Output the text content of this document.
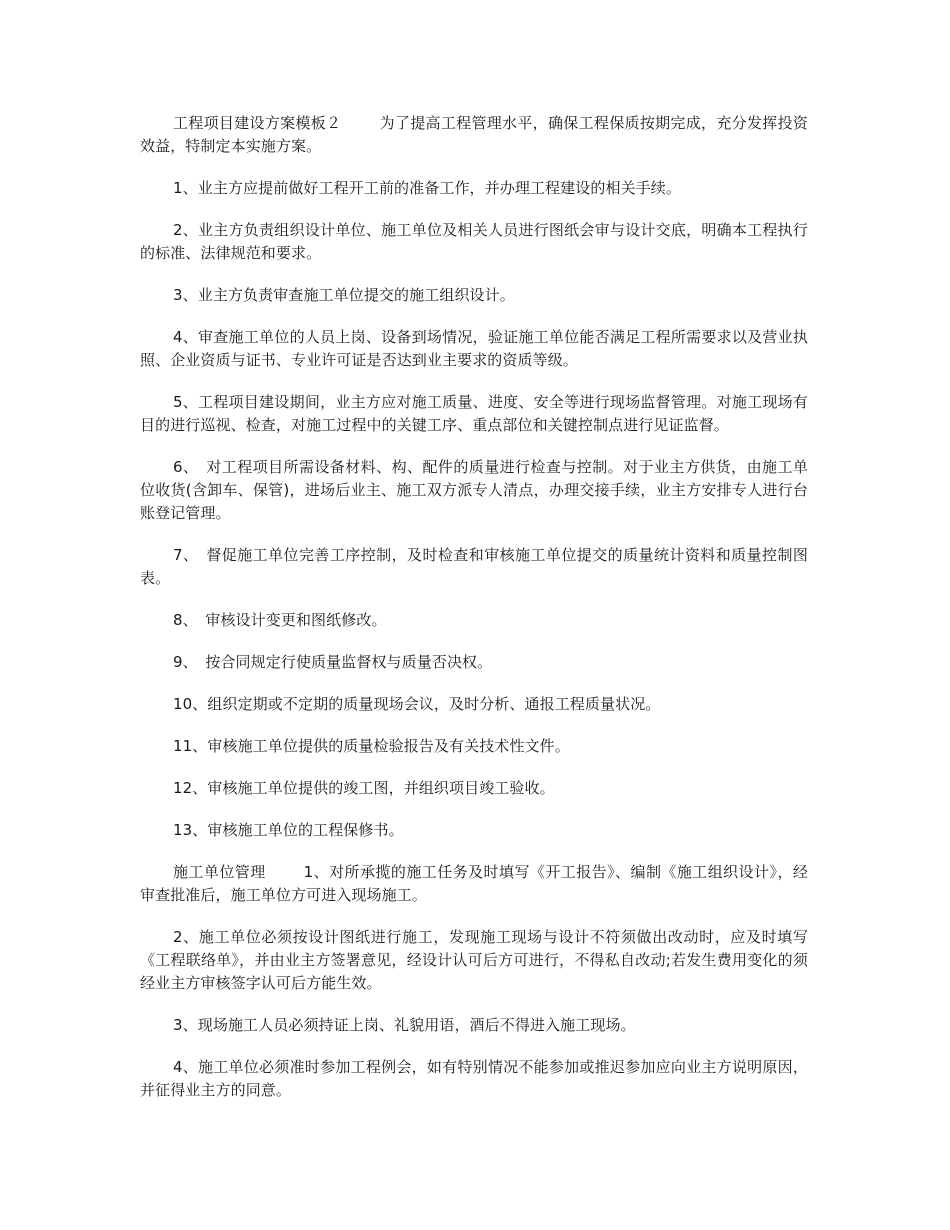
工程项目建设方案模板２	为了提高工程管理水平，确保工程保质按期完成，充分发挥投资效益，特制定本实施方案。

1、业主方应提前做好工程开工前的准备工作，并办理工程建设的相关手续。

2、业主方负责组织设计单位、施工单位及相关人员进行图纸会审与设计交底，明确本工程执行的标准、法律规范和要求。

3、业主方负责审查施工单位提交的施工组织设计。

4、审查施工单位的人员上岗、设备到场情况，验证施工单位能否满足工程所需要求以及营业执照、企业资质与证书、专业许可证是否达到业主要求的资质等级。

5、工程项目建设期间，业主方应对施工质量、进度、安全等进行现场监督管理。对施工现场有目的进行巡视、检查，对施工过程中的关键工序、重点部位和关键控制点进行见证监督。

6、　对工程项目所需设备材料、构、配件的质量进行检查与控制。对于业主方供货，由施工单位收货(含卸车、保管)，进场后业主、施工双方派专人清点，办理交接手续，业主方安排专人进行台账登记管理。

7、　督促施工单位完善工序控制，及时检查和审核施工单位提交的质量统计资料和质量控制图表。

8、　审核设计变更和图纸修改。

9、　按合同规定行使质量监督权与质量否决权。

10、组织定期或不定期的质量现场会议，及时分析、通报工程质量状况。

11、审核施工单位提供的质量检验报告及有关技术性文件。

12、审核施工单位提供的竣工图，并组织项目竣工验收。

13、审核施工单位的工程保修书。

施工单位管理	1、对所承揽的施工任务及时填写《开工报告》、编制《施工组织设计》，经审查批准后，施工单位方可进入现场施工。

2、施工单位必须按设计图纸进行施工，发现施工现场与设计不符须做出改动时，应及时填写《工程联络单》，并由业主方签署意见，经设计认可后方可进行，不得私自改动;若发生费用变化的须经业主方审核签字认可后方能生效。

3、现场施工人员必须持证上岗、礼貌用语，酒后不得进入施工现场。

4、施工单位必须准时参加工程例会，如有特别情况不能参加或推迟参加应向业主方说明原因，并征得业主方的同意。
